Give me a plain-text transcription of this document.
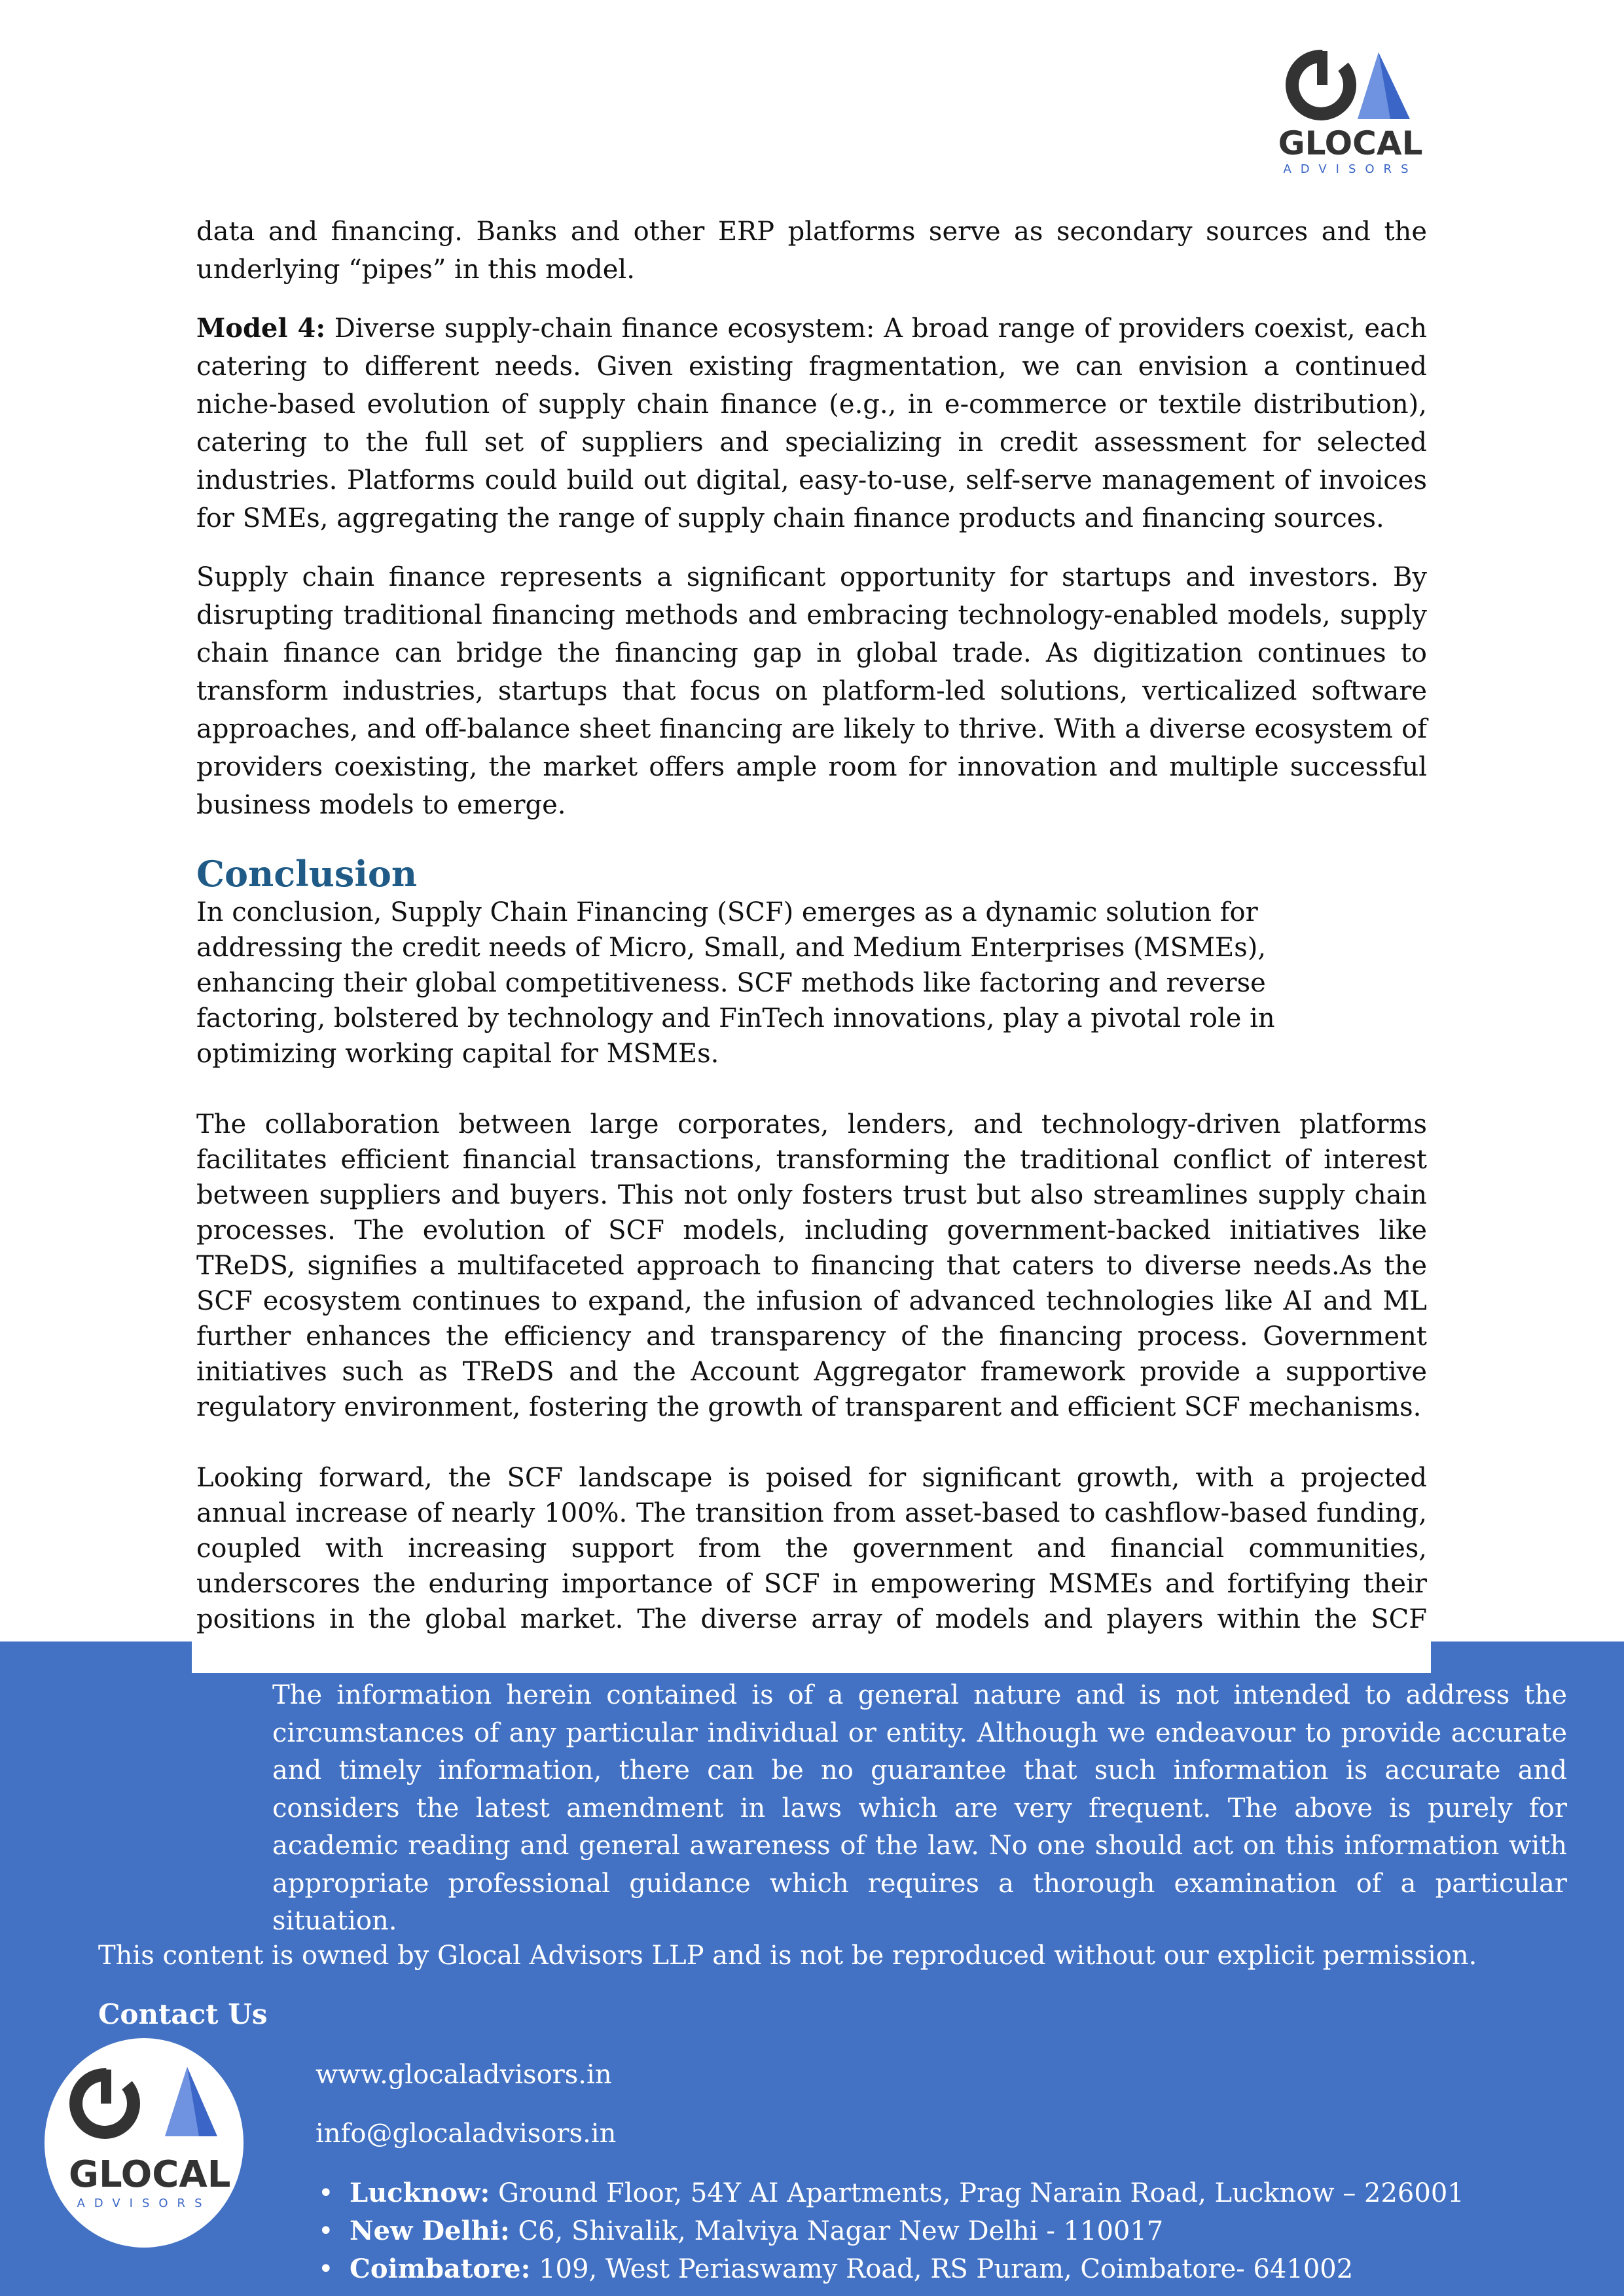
GLOCAL
ADVISORS

data and financing. Banks and other ERP platforms serve as secondary sources and the underlying “pipes” in this model.

Model 4: Diverse supply-chain finance ecosystem: A broad range of providers coexist, each catering to different needs. Given existing fragmentation, we can envision a continued niche-based evolution of supply chain finance (e.g., in e-commerce or textile distribution), catering to the full set of suppliers and specializing in credit assessment for selected industries. Platforms could build out digital, easy-to-use, self-serve management of invoices for SMEs, aggregating the range of supply chain finance products and financing sources.

Supply chain finance represents a significant opportunity for startups and investors. By disrupting traditional financing methods and embracing technology-enabled models, supply chain finance can bridge the financing gap in global trade. As digitization continues to transform industries, startups that focus on platform-led solutions, verticalized software approaches, and off-balance sheet financing are likely to thrive. With a diverse ecosystem of providers coexisting, the market offers ample room for innovation and multiple successful business models to emerge.

Conclusion

In conclusion, Supply Chain Financing (SCF) emerges as a dynamic solution for addressing the credit needs of Micro, Small, and Medium Enterprises (MSMEs), enhancing their global competitiveness. SCF methods like factoring and reverse factoring, bolstered by technology and FinTech innovations, play a pivotal role in optimizing working capital for MSMEs.

The collaboration between large corporates, lenders, and technology-driven platforms facilitates efficient financial transactions, transforming the traditional conflict of interest between suppliers and buyers. This not only fosters trust but also streamlines supply chain processes. The evolution of SCF models, including government-backed initiatives like TReDS, signifies a multifaceted approach to financing that caters to diverse needs.As the SCF ecosystem continues to expand, the infusion of advanced technologies like AI and ML further enhances the efficiency and transparency of the financing process. Government initiatives such as TReDS and the Account Aggregator framework provide a supportive regulatory environment, fostering the growth of transparent and efficient SCF mechanisms.

Looking forward, the SCF landscape is poised for significant growth, with a projected annual increase of nearly 100%. The transition from asset-based to cashflow-based funding, coupled with increasing support from the government and financial communities, underscores the enduring importance of SCF in empowering MSMEs and fortifying their positions in the global market. The diverse array of models and players within the SCF

The information herein contained is of a general nature and is not intended to address the circumstances of any particular individual or entity. Although we endeavour to provide accurate and timely information, there can be no guarantee that such information is accurate and considers the latest amendment in laws which are very frequent. The above is purely for academic reading and general awareness of the law. No one should act on this information with appropriate professional guidance which requires a thorough examination of a particular situation.
This content is owned by Glocal Advisors LLP and is not be reproduced without our explicit permission.
Contact Us
GLOCAL
ADVISORS
www.glocaladvisors.in
info@glocaladvisors.in
• Lucknow: Ground Floor, 54Y AI Apartments, Prag Narain Road, Lucknow – 226001
• New Delhi: C6, Shivalik, Malviya Nagar New Delhi - 110017
• Coimbatore: 109, West Periaswamy Road, RS Puram, Coimbatore- 641002
